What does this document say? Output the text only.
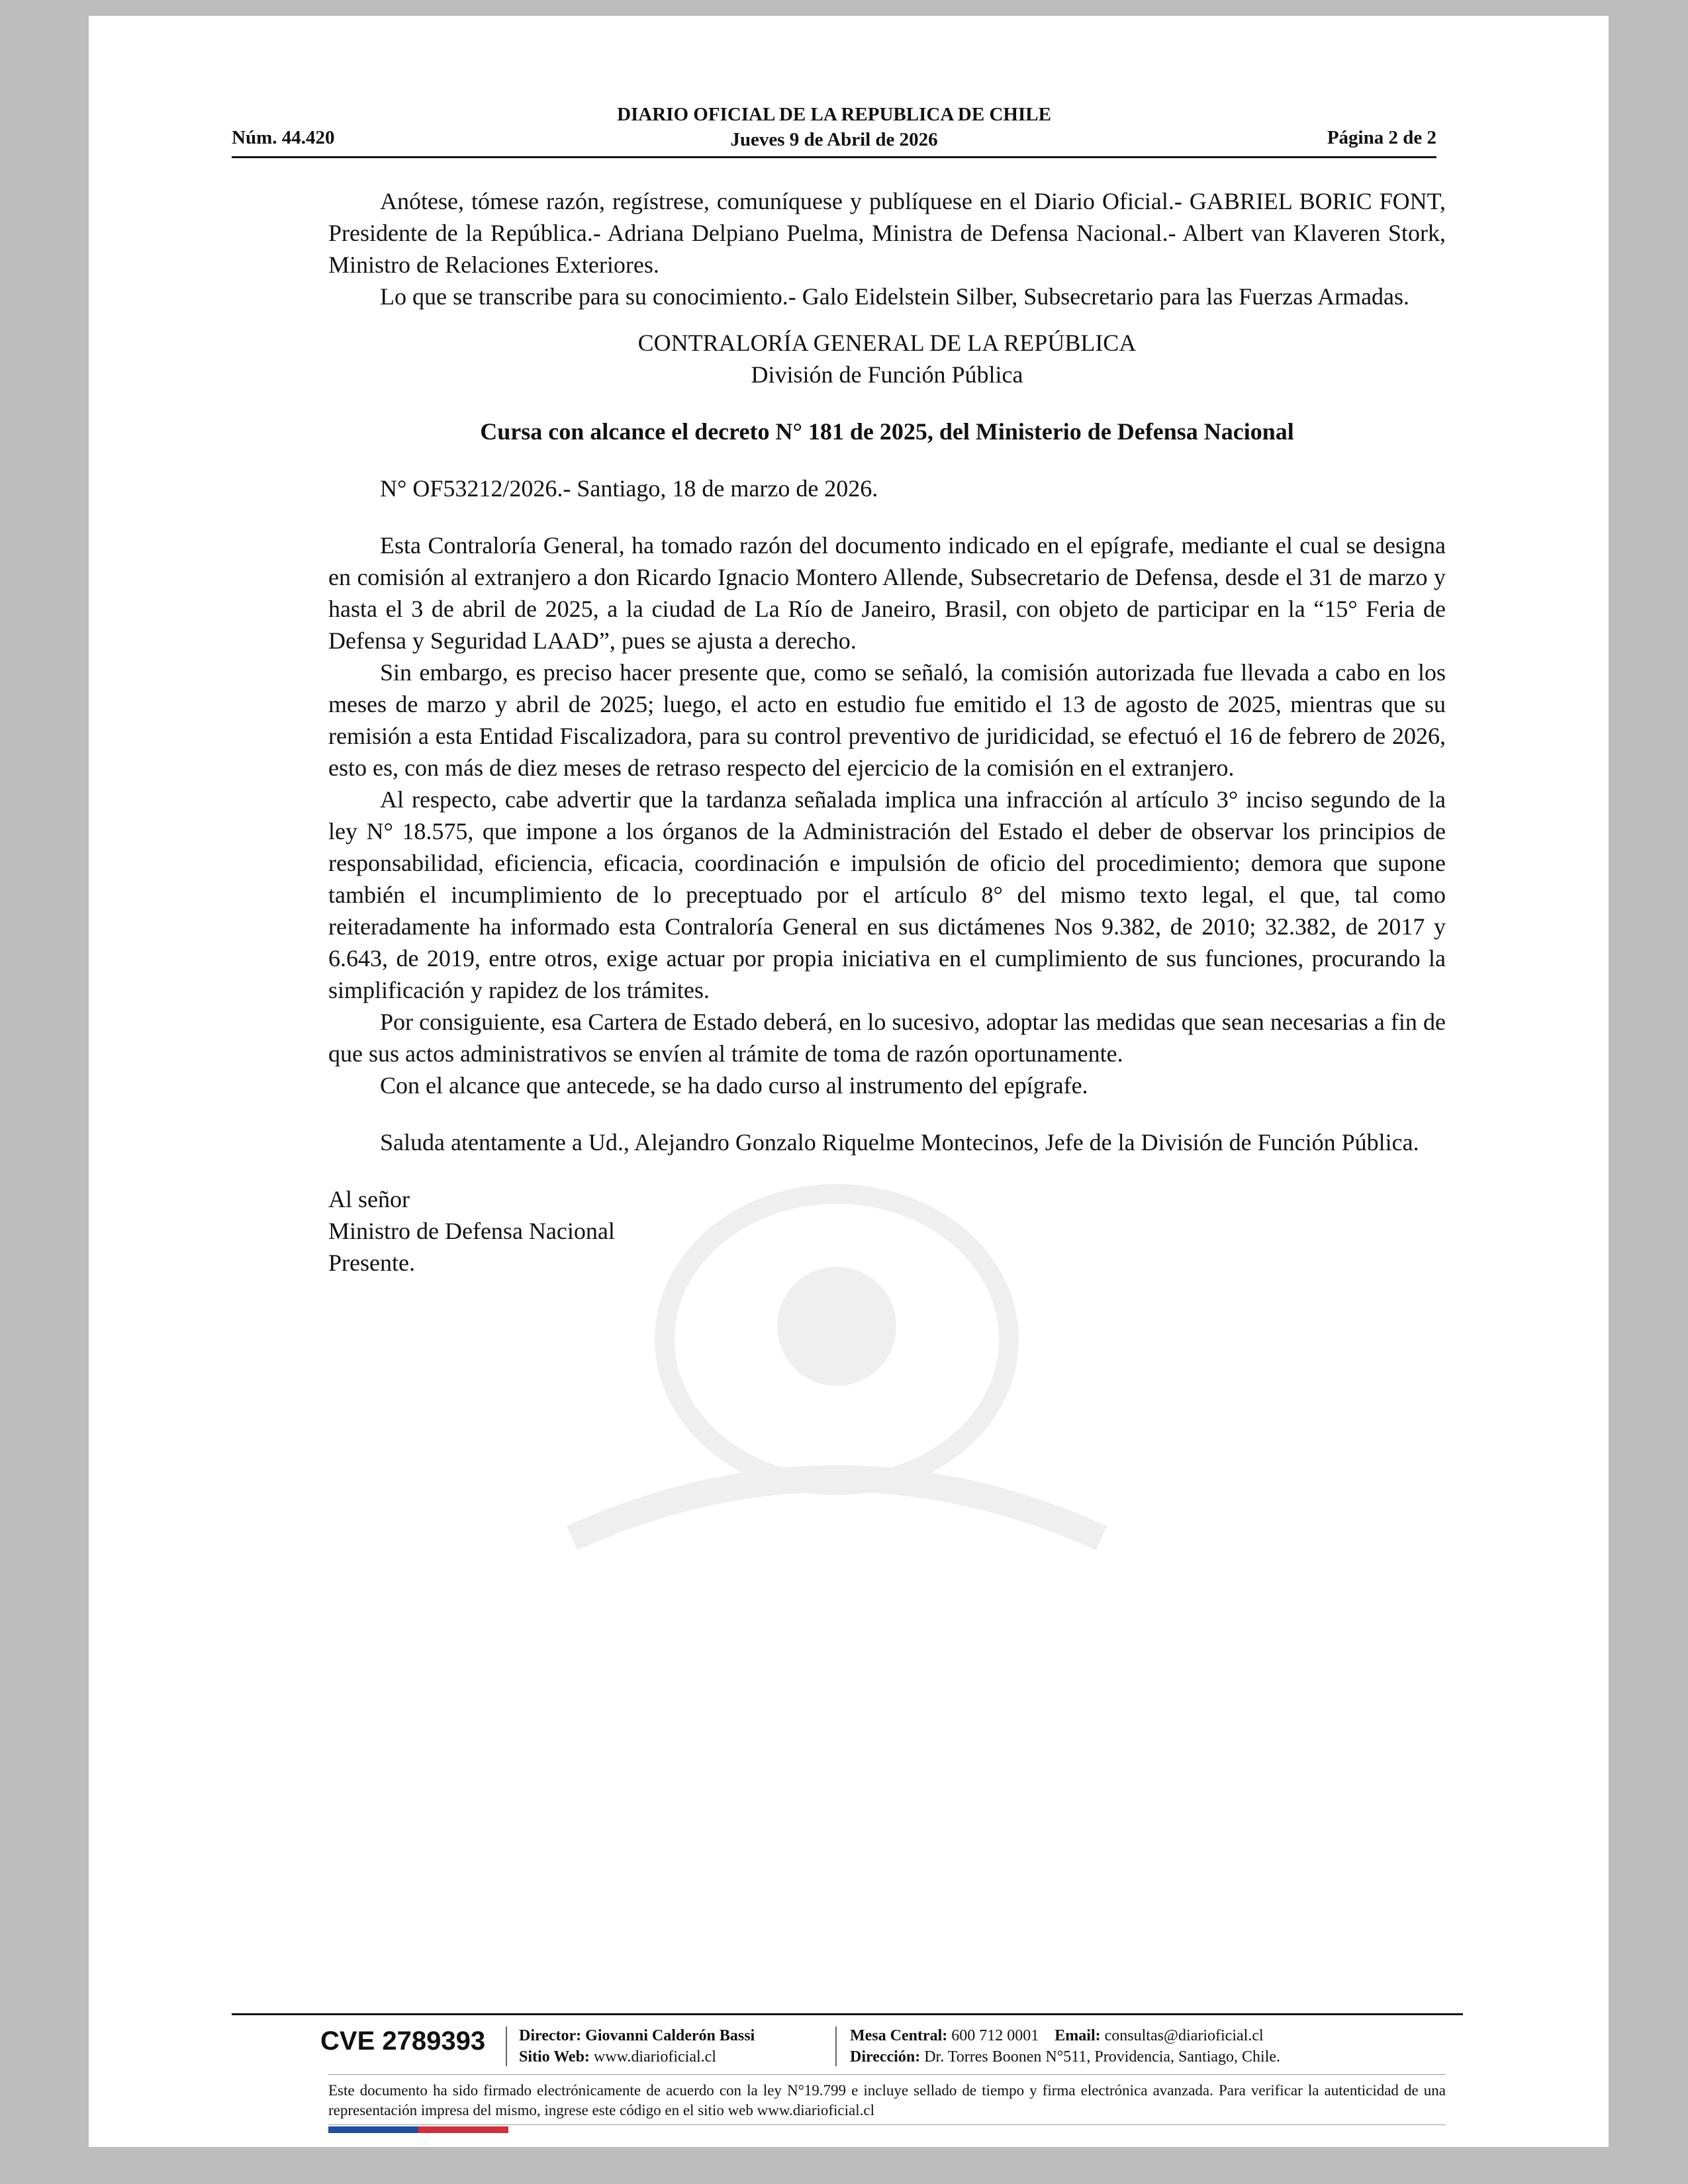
DIARIO OFICIAL DE LA REPUBLICA DE CHILE
Jueves 9 de Abril de 2026
Núm. 44.420	Página 2 de 2

Anótese, tómese razón, regístrese, comuníquese y publíquese en el Diario Oficial.- GABRIEL BORIC FONT, Presidente de la República.- Adriana Delpiano Puelma, Ministra de Defensa Nacional.- Albert van Klaveren Stork, Ministro de Relaciones Exteriores.

Lo que se transcribe para su conocimiento.- Galo Eidelstein Silber, Subsecretario para las Fuerzas Armadas.

CONTRALORÍA GENERAL DE LA REPÚBLICA

División de Función Pública

Cursa con alcance el decreto N° 181 de 2025, del Ministerio de Defensa Nacional

N° OF53212/2026.- Santiago, 18 de marzo de 2026.

Esta Contraloría General, ha tomado razón del documento indicado en el epígrafe, mediante el cual se designa en comisión al extranjero a don Ricardo Ignacio Montero Allende, Subsecretario de Defensa, desde el 31 de marzo y hasta el 3 de abril de 2025, a la ciudad de La Río de Janeiro, Brasil, con objeto de participar en la “15° Feria de Defensa y Seguridad LAAD”, pues se ajusta a derecho.

Sin embargo, es preciso hacer presente que, como se señaló, la comisión autorizada fue llevada a cabo en los meses de marzo y abril de 2025; luego, el acto en estudio fue emitido el 13 de agosto de 2025, mientras que su remisión a esta Entidad Fiscalizadora, para su control preventivo de juridicidad, se efectuó el 16 de febrero de 2026, esto es, con más de diez meses de retraso respecto del ejercicio de la comisión en el extranjero.

Al respecto, cabe advertir que la tardanza señalada implica una infracción al artículo 3° inciso segundo de la ley N° 18.575, que impone a los órganos de la Administración del Estado el deber de observar los principios de responsabilidad, eficiencia, eficacia, coordinación e impulsión de oficio del procedimiento; demora que supone también el incumplimiento de lo preceptuado por el artículo 8° del mismo texto legal, el que, tal como reiteradamente ha informado esta Contraloría General en sus dictámenes Nos 9.382, de 2010; 32.382, de 2017 y 6.643, de 2019, entre otros, exige actuar por propia iniciativa en el cumplimiento de sus funciones, procurando la simplificación y rapidez de los trámites.

Por consiguiente, esa Cartera de Estado deberá, en lo sucesivo, adoptar las medidas que sean necesarias a fin de que sus actos administrativos se envíen al trámite de toma de razón oportunamente.

Con el alcance que antecede, se ha dado curso al instrumento del epígrafe.

Saluda atentamente a Ud., Alejandro Gonzalo Riquelme Montecinos, Jefe de la División de Función Pública.

Al señor

Ministro de Defensa Nacional

Presente.

CVE 2789393 Director: Giovanni Calderón Bassi
Sitio Web: www.diarioficial.cl
Mesa Central: 600 712 0001 Email: consultas@diarioficial.cl
Dirección: Dr. Torres Boonen N°511, Providencia, Santiago, Chile.
Este documento ha sido firmado electrónicamente de acuerdo con la ley N°19.799 e incluye sellado de tiempo y firma electrónica avanzada. Para verificar la autenticidad de una representación impresa del mismo, ingrese este código en el sitio web www.diarioficial.cl
